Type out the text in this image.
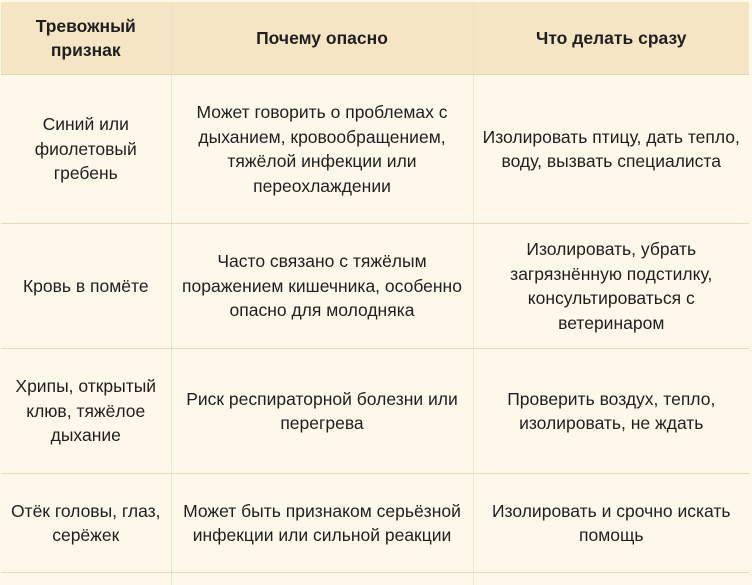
Тревожный признак	Почему опасно	Что делать сразу
Синий или фиолетовый гребень	Может говорить о проблемах с дыханием, кровообращением, тяжёлой инфекции или переохлаждении	Изолировать птицу, дать тепло, воду, вызвать специалиста
Кровь в помёте	Часто связано с тяжёлым поражением кишечника, особенно опасно для молодняка	Изолировать, убрать загрязнённую подстилку, консультироваться с ветеринаром
Хрипы, открытый клюв, тяжёлое дыхание	Риск респираторной болезни или перегрева	Проверить воздух, тепло, изолировать, не ждать
Отёк головы, глаз, серёжек	Может быть признаком серьёзной инфекции или сильной реакции	Изолировать и срочно искать помощь
